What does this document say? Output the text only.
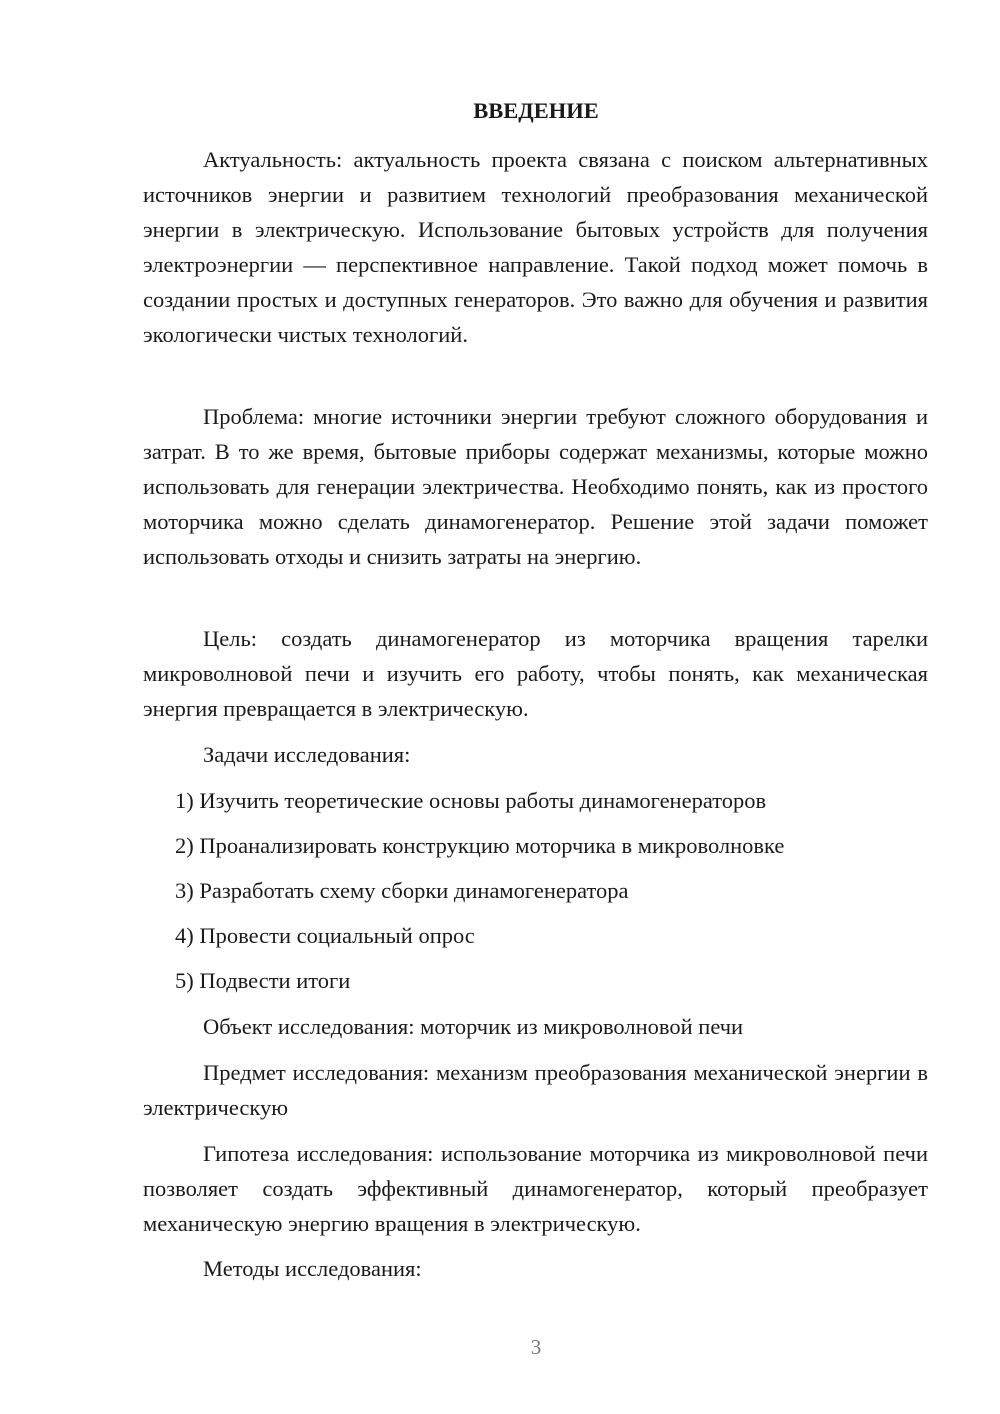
ВВЕДЕНИЕ

Актуальность: актуальность проекта связана с поиском альтернативных источников энергии и развитием технологий преобразования механической энергии в электрическую. Использование бытовых устройств для получения электроэнергии — перспективное направление. Такой подход может помочь в создании простых и доступных генераторов. Это важно для обучения и развития экологически чистых технологий.

Проблема: многие источники энергии требуют сложного оборудования и затрат. В то же время, бытовые приборы содержат механизмы, которые можно использовать для генерации электричества. Необходимо понять, как из простого моторчика можно сделать динамогенератор. Решение этой задачи поможет использовать отходы и снизить затраты на энергию.

Цель: создать динамогенератор из моторчика вращения тарелки микроволновой печи и изучить его работу, чтобы понять, как механическая энергия превращается в электрическую.

Задачи исследования:

1) Изучить теоретические основы работы динамогенераторов

2) Проанализировать конструкцию моторчика в микроволновке

3) Разработать схему сборки динамогенератора

4) Провести социальный опрос

5) Подвести итоги

Объект исследования: моторчик из микроволновой печи

Предмет исследования: механизм преобразования механической энергии в электрическую

Гипотеза исследования: использование моторчика из микроволновой печи позволяет создать эффективный динамогенератор, который преобразует механическую энергию вращения в электрическую.

Методы исследования:

3
